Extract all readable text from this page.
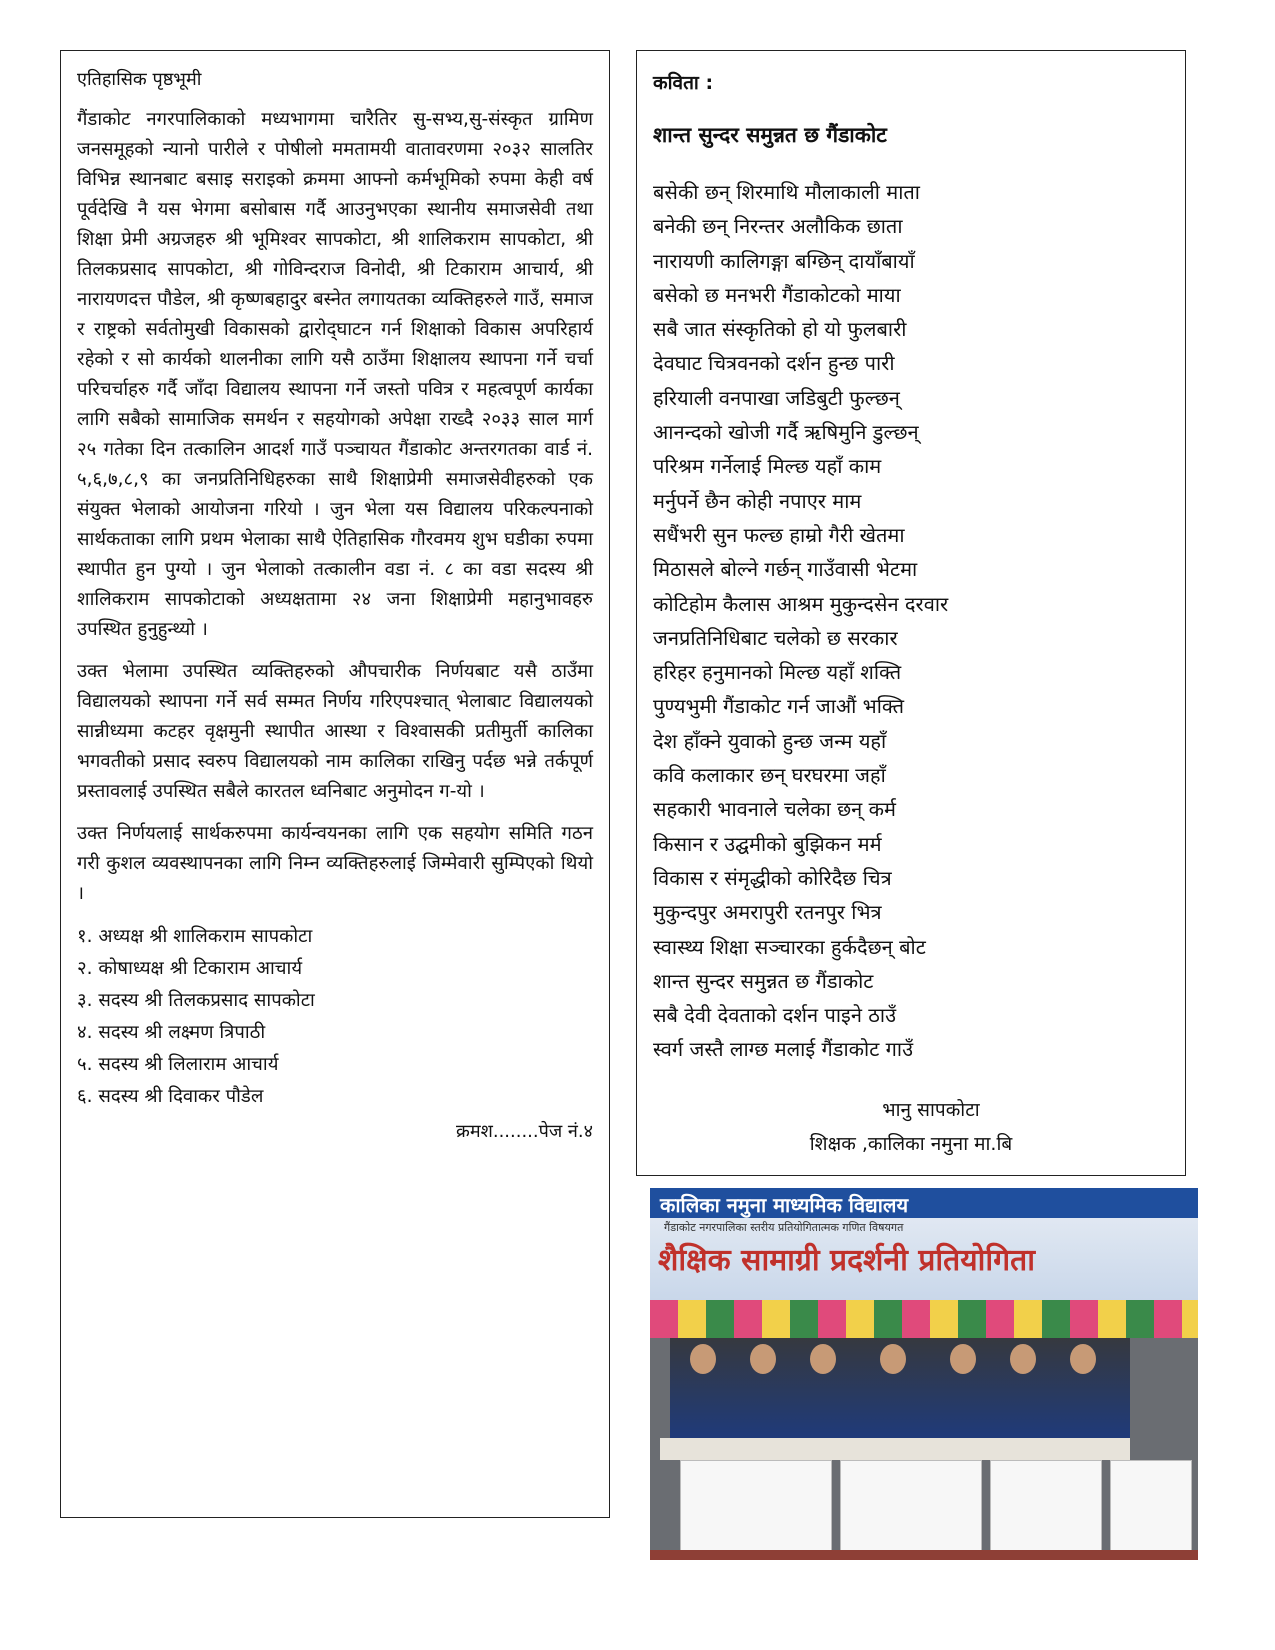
एतिहासिक पृष्ठभूमी

गैंडाकोट नगरपालिकाको मध्यभागमा चारैतिर सु-सभ्य,सु-संस्कृत ग्रामिण जनसमूहको न्यानो पारीले र पोषीलो ममतामयी वातावरणमा २०३२ सालतिर विभिन्न स्थानबाट बसाइ सराइको क्रममा आफ्नो कर्मभूमिको रुपमा केही वर्ष पूर्वदेखि नै यस भेगमा बसोबास गर्दै आउनुभएका स्थानीय समाजसेवी तथा शिक्षा प्रेमी अग्रजहरु श्री भूमिश्वर सापकोटा, श्री शालिकराम सापकोटा, श्री तिलकप्रसाद सापकोटा, श्री गोविन्दराज विनोदी, श्री टिकाराम आचार्य, श्री नारायणदत्त पौडेल, श्री कृष्णबहादुर बस्नेत लगायतका व्यक्तिहरुले गाउँ, समाज र राष्ट्रको सर्वतोमुखी विकासको द्वारोद्‌घाटन गर्न शिक्षाको विकास अपरिहार्य रहेको र सो कार्यको थालनीका लागि यसै ठाउँमा शिक्षालय स्थापना गर्ने चर्चा परिचर्चाहरु गर्दै जाँदा विद्यालय स्थापना गर्ने जस्तो पवित्र र महत्वपूर्ण कार्यका लागि सबैको सामाजिक समर्थन र सहयोगको अपेक्षा राख्दै २०३३ साल मार्ग २५ गतेका दिन तत्कालिन आदर्श गाउँ पञ्चायत गैंडाकोट अन्तरगतका वार्ड नं. ५,६,७,८,९ का जनप्रतिनिधिहरुका साथै शिक्षाप्रेमी समाजसेवीहरुको एक संयुक्त भेलाको आयोजना गरियो । जुन भेला यस विद्यालय परिकल्पनाको सार्थकताका लागि प्रथम भेलाका साथै ऐतिहासिक गौरवमय शुभ घडीका रुपमा स्थापीत हुन पुग्यो । जुन भेलाको तत्कालीन वडा नं. ८ का वडा सदस्य श्री शालिकराम सापकोटाको अध्यक्षतामा २४ जना शिक्षाप्रेमी महानुभावहरु उपस्थित हुनुहुन्थ्यो ।

उक्त भेलामा उपस्थित व्यक्तिहरुको औपचारीक निर्णयबाट यसै ठाउँमा विद्यालयको स्थापना गर्ने सर्व सम्मत निर्णय गरिएपश्चात् भेलाबाट विद्यालयको सान्नीध्यमा कटहर वृक्षमुनी स्थापीत आस्था र विश्वासकी प्रतीमुर्ती कालिका भगवतीको प्रसाद स्वरुप विद्यालयको नाम कालिका राखिनु पर्दछ भन्ने तर्कपूर्ण प्रस्तावलाई उपस्थित सबैले कारतल ध्वनिबाट अनुमोदन ग-यो ।

उक्त निर्णयलाई सार्थकरुपमा कार्यन्वयनका लागि एक सहयोग समिति गठन गरी कुशल व्यवस्थापनका लागि निम्न व्यक्तिहरुलाई जिम्मेवारी सुम्पिएको थियो ।

१. अध्यक्ष श्री शालिकराम सापकोटा
२. कोषाध्यक्ष श्री टिकाराम आचार्य
३. सदस्य श्री तिलकप्रसाद सापकोटा
४. सदस्य श्री लक्ष्मण त्रिपाठी
५. सदस्य श्री लिलाराम आचार्य
६. सदस्य श्री दिवाकर पौडेल
क्रमश........पेज नं.४
कविता :
शान्त सुन्दर समुन्नत छ गैंडाकोट
बसेकी छन् शिरमाथि मौलाकाली माता
बनेकी छन् निरन्तर अलौकिक छाता
नारायणी कालिगङ्गा बग्छिन् दायाँबायाँ
बसेको छ मनभरी गैंडाकोटको माया
सबै जात संस्कृतिको हो यो फुलबारी
देवघाट चित्रवनको दर्शन हुन्छ पारी
हरियाली वनपाखा जडिबुटी फुल्छन्
आनन्दको खोजी गर्दै ऋषिमुनि डुल्छन्
परिश्रम गर्नेलाई मिल्छ यहाँ काम
मर्नुपर्ने छैन कोही नपाएर माम
सधैंभरी सुन फल्छ हाम्रो गैरी खेतमा
मिठासले बोल्ने गर्छन् गाउँवासी भेटमा
कोटिहोम कैलास आश्रम मुकुन्दसेन दरवार
जनप्रतिनिधिबाट चलेको छ सरकार
हरिहर हनुमानको मिल्छ यहाँ शक्ति
पुण्यभुमी गैंडाकोट गर्न जाऔं भक्ति
देश हाँक्ने युवाको हुन्छ जन्म यहाँ
कवि कलाकार छन् घरघरमा जहाँ
सहकारी भावनाले चलेका छन् कर्म
किसान र उद्घमीको बुझिकन मर्म
विकास र संमृद्धीको कोरिदैछ चित्र
मुकुन्दपुर अमरापुरी रतनपुर भित्र
स्वास्थ्य शिक्षा सञ्चारका हुर्कदैछन् बोट
शान्त सुन्दर समुन्नत छ गैंडाकोट
सबै देवी देवताको दर्शन पाइने ठाउँ
स्वर्ग जस्तै लाग्छ मलाई गैंडाकोट गाउँ
भानु सापकोटा
शिक्षक ,कालिका नमुना मा.बि
कालिका नमुना माध्यमिक विद्यालय
गैंडाकोट नगरपालिका स्तरीय प्रतियोगितात्मक गणित विषयगत
शैक्षिक सामाग्री प्रदर्शनी प्रतियोगिता
